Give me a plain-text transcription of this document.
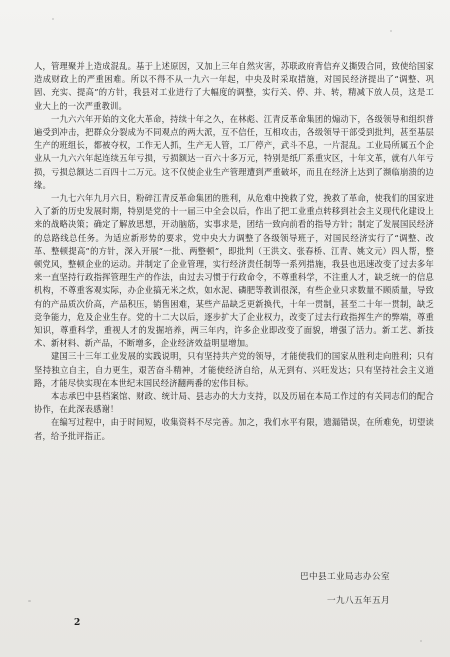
人，管理聚并上造成混乱。基于上述原因，又加上三年自然灾害，苏联政府背信弃义撕毁合同，致使给国家造成财政上的严重困难。所以不得不从一九六一年起，中央及时采取措施，对国民经济提出了“调整、巩固、充实、提高”的方针，我县对工业进行了大幅度的调整，实行关、停、并、转，精减下放人员，这是工业大上的一次严重教训。

一九六六年开始的文化大革命，持续十年之久，在林彪、江青反革命集团的煽动下，各级领导和组织普遍受到冲击，把群众分裂成为不同观点的两大派，互不信任，互相攻击，各级领导干部受到批判，甚至基层生产的班组长，都被夺权，工作无人抓，生产无人管，工厂停产，武斗不息，一片混乱。工业局所属五个企业从一九六六年起连续五年亏损，亏损额达一百六十多万元，特别是纸厂系重灾区，十年文革，就有八年亏损，亏损总额达二百四十二万元。这不仅使企业生产管理遭到严重破坏，而且在经济上达到了濒临崩溃的边缘。

一九七六年九月六日，粉碎江青反革命集团的胜利，从危难中挽救了党，挽救了革命，使我们的国家进入了新的历史发展时期，特别是党的十一届三中全会以后，作出了把工业重点转移到社会主义现代化建设上来的战略决策；确定了解放思想，开动脑筋，实事求是，团结一致向前看的指导方针；制定了发展国民经济的总路线总任务。为适应新形势的要求，党中央大力调整了各级领导班子，对国民经济实行了“调整、改革、整顿提高”的方针，深入开展“一批、两整顿”，即批判（王洪文、张春桥、江青、姚文元）四人帮，整顿党风，整顿企业的运动。并制定了企业管理，实行经济责任制等一系列措施，我县也迅速改变了过去多年来一直坚持行政指挥管理生产的作法，由过去习惯于行政命令，不尊重科学，不注重人才，缺乏统一的信息机构，不尊重客观实际，办企业搞无米之炊，如水泥、磷肥等教训很深，有些企业只求数量不顾质量，导致有的产品质次价高，产品积压，销售困难，某些产品缺乏更新换代，十年一贯制，甚至二十年一贯制，缺乏竞争能力，危及企业生存。党的十二大以后，逐步扩大了企业权力，改变了过去行政指挥生产的弊端，尊重知识，尊重科学，重视人才的发掘培养，两三年内，许多企业即改变了面貌，增强了活力。新工艺、新技术、新材料、新产品，不断增多，企业经济效益明显增加。

建国三十三年工业发展的实践说明，只有坚持共产党的领导，才能使我们的国家从胜利走向胜利；只有坚持独立自主，自力更生，艰苦奋斗精神，才能使经济自给，从无到有、兴旺发达；只有坚持社会主义道路，才能尽快实现在本世纪末国民经济翻两番的宏伟目标。

本志承巴中县档案馆、财政、统计局、县志办的大力支持，以及历届在本局工作过的有关同志们的配合协作，在此深表感谢！

在编写过程中，由于时间短，收集资料不尽完善。加之，我们水平有限，遗漏错误，在所难免，切望读者，给予批评指正。

巴中县工业局志办公室
一九八五年五月
2
